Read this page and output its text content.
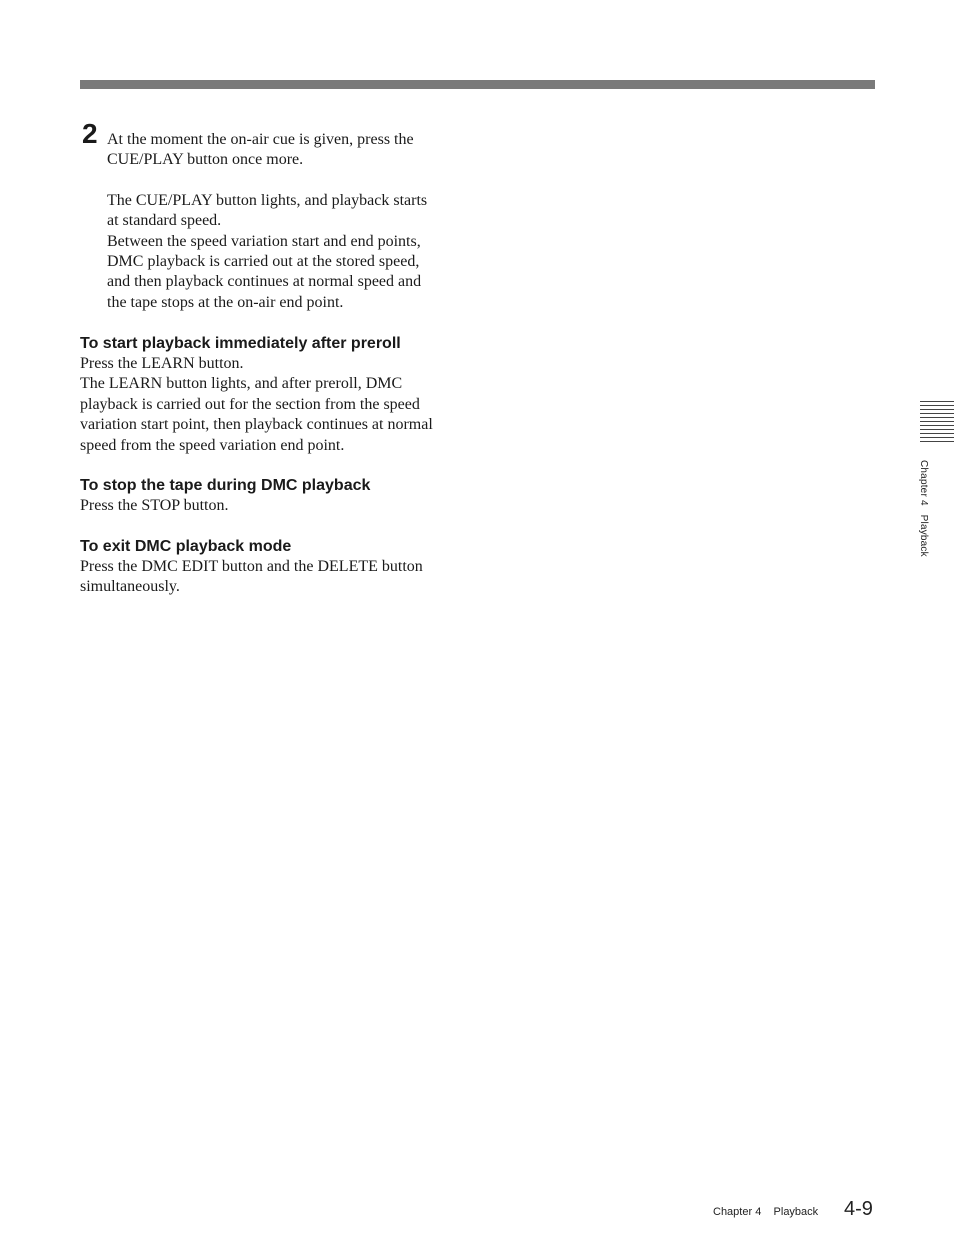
2 At the moment the on-air cue is given, press the

CUE/PLAY button once more.

The CUE/PLAY button lights, and playback starts

at standard speed.

Between the speed variation start and end points,

DMC playback is carried out at the stored speed,

and then playback continues at normal speed and

the tape stops at the on-air end point.

To start playback immediately after preroll

Press the LEARN button.

The LEARN button lights, and after preroll, DMC

playback is carried out for the section from the speed

variation start point, then playback continues at normal

speed from the speed variation end point.

To stop the tape during DMC playback

Press the STOP button.

To exit DMC playback mode

Press the DMC EDIT button and the DELETE button

simultaneously.

Chapter 4   Playback
Chapter 4    Playback 4-9
